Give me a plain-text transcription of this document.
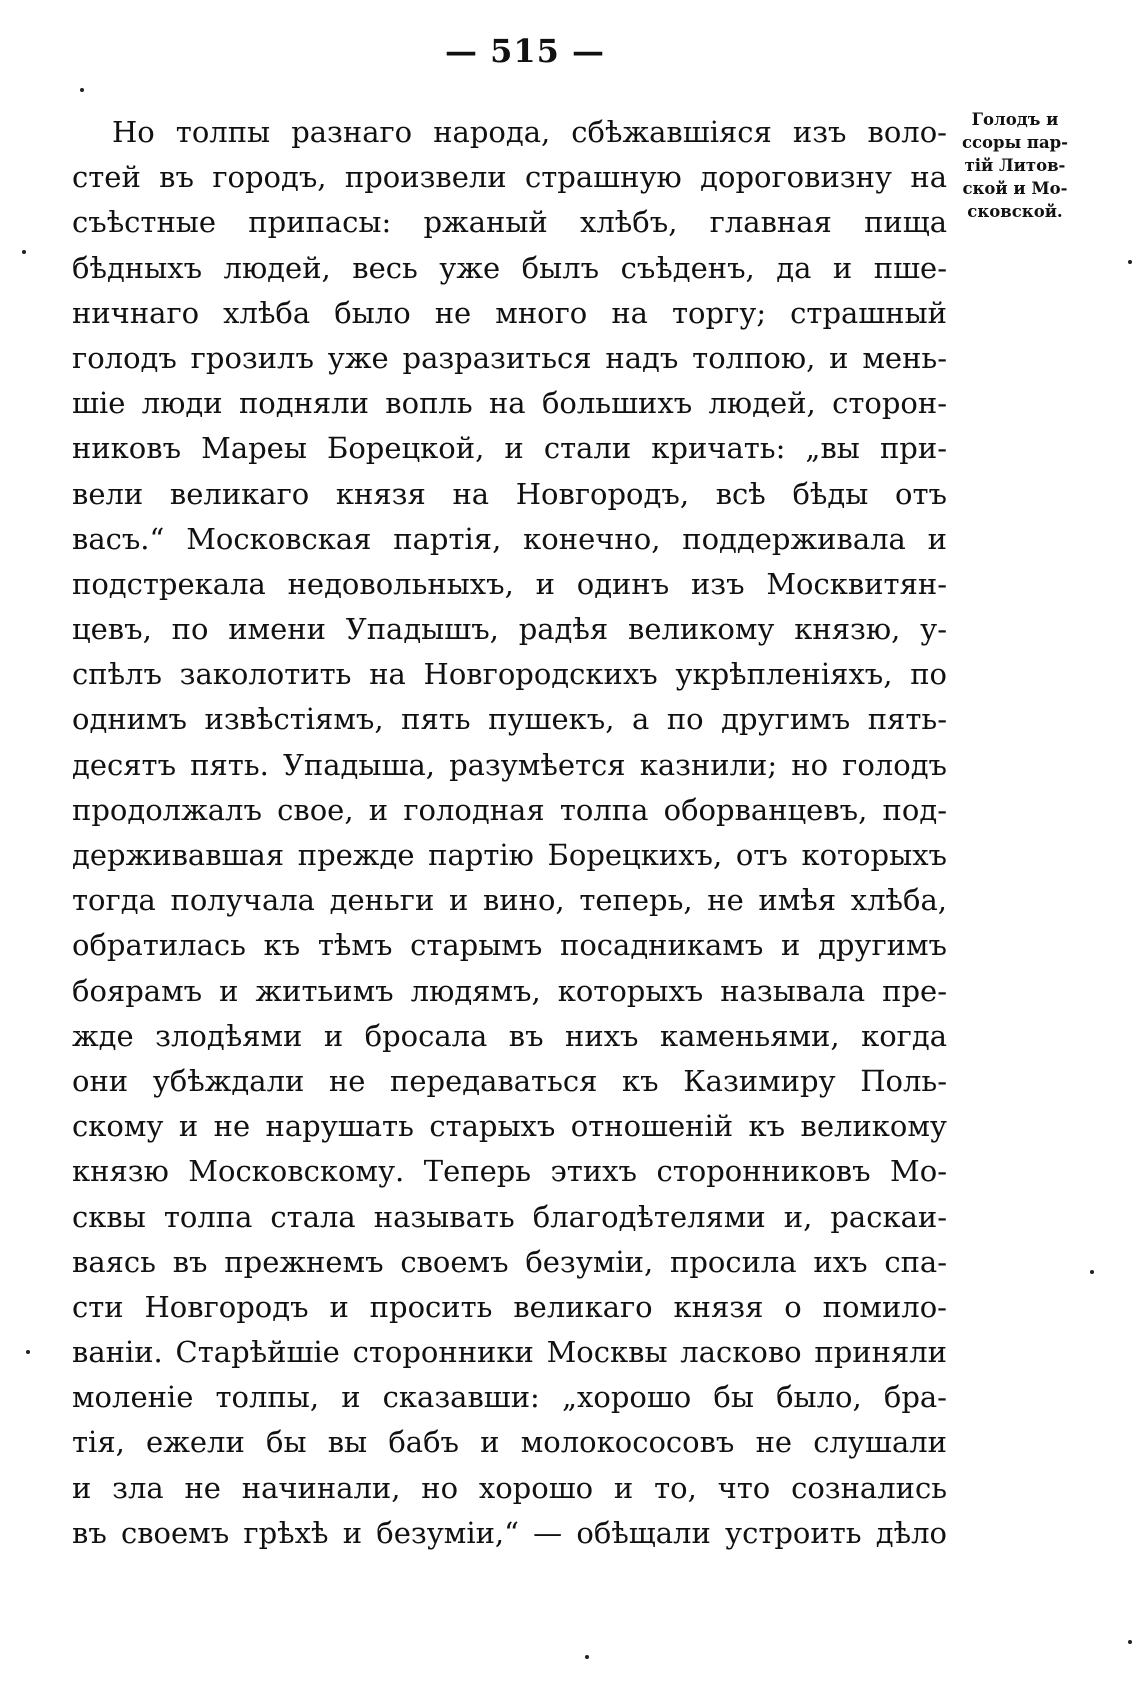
— 515 —
Голодъ и
ссоры пар-
тій Литов-
ской и Мо-
сковской.
Но толпы разнаго народа, сбѣжавшіяся изъ воло-
стей въ городъ, произвели страшную дороговизну на
съѣстные припасы: ржаный хлѣбъ, главная пища
бѣдныхъ людей, весь уже былъ съѣденъ, да и пше-
ничнаго хлѣба было не много на торгу; страшный
голодъ грозилъ уже разразиться надъ толпою, и мень-
шіе люди подняли вопль на большихъ людей, сторон-
никовъ Мареы Борецкой, и стали кричать: „вы при-
вели великаго князя на Новгородъ, всѣ бѣды отъ
васъ.“ Московская партія, конечно, поддерживала и
подстрекала недовольныхъ, и одинъ изъ Москвитян-
цевъ, по имени Упадышъ, радѣя великому князю, у-
спѣлъ заколотить на Новгородскихъ укрѣпленіяхъ, по
однимъ извѣстіямъ, пять пушекъ, а по другимъ пять-
десятъ пять. Упадыша, разумѣется казнили; но голодъ
продолжалъ свое, и голодная толпа оборванцевъ, под-
держивавшая прежде партію Борецкихъ, отъ которыхъ
тогда получала деньги и вино, теперь, не имѣя хлѣба,
обратилась къ тѣмъ старымъ посадникамъ и другимъ
боярамъ и житьимъ людямъ, которыхъ называла пре-
жде злодѣями и бросала въ нихъ каменьями, когда
они убѣждали не передаваться къ Казимиру Поль-
скому и не нарушать старыхъ отношеній къ великому
князю Московскому. Теперь этихъ сторонниковъ Мо-
сквы толпа стала называть благодѣтелями и, раскаи-
ваясь въ прежнемъ своемъ безуміи, просила ихъ спа-
сти Новгородъ и просить великаго князя о помило-
ваніи. Старѣйшіе сторонники Москвы ласково приняли
моленіе толпы, и сказавши: „хорошо бы было, бра-
тія, ежели бы вы бабъ и молокососовъ не слушали
и зла не начинали, но хорошо и то, что сознались
въ своемъ грѣхѣ и безуміи,“ — обѣщали устроить дѣло
